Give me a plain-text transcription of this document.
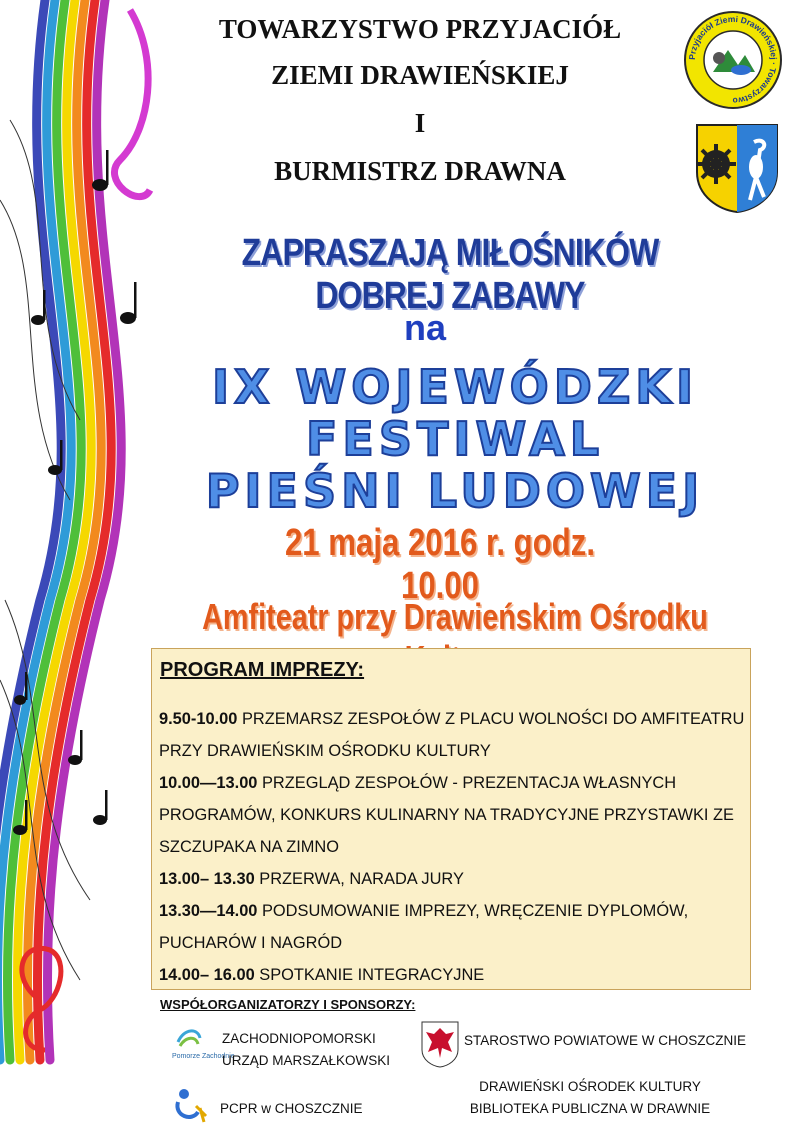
TOWARZYSTWO PRZYJACIÓŁ
ZIEMI DRAWIEŃSKIEJ
I
BURMISTRZ DRAWNA
Przyjaciół Ziemi Drawieńskiej · Towarzystwo
ZAPRASZAJĄ MIŁOŚNIKÓW DOBREJ ZABAWY
na
IX WOJEWÓDZKI
FESTIWAL
PIEŚNI LUDOWEJ
21 maja 2016 r. godz. 10.00
Amfiteatr przy Drawieńskim Ośrodku
PROGRAM IMPREZY:
9.50-10.00 PRZEMARSZ ZESPOŁÓW Z PLACU WOLNOŚCI DO AMFITEATRU PRZY DRAWIEŃSKIM OŚRODKU KULTURY
10.00—13.00 PRZEGLĄD ZESPOŁÓW - PREZENTACJA WŁASNYCH PROGRAMÓW, KONKURS KULINARNY NA TRADYCYJNE PRZYSTAWKI ZE SZCZUPAKA NA ZIMNO
13.00– 13.30 PRZERWA, NARADA JURY
13.30—14.00 PODSUMOWANIE IMPREZY, WRĘCZENIE DYPLOMÓW, PUCHARÓW I NAGRÓD
14.00– 16.00 SPOTKANIE INTEGRACYJNE
WSPÓŁORGANIZATORZY I SPONSORZY:
Pomorze Zachodnie
ZACHODNIOPOMORSKI
URZĄD MARSZAŁKOWSKI
STAROSTWO POWIATOWE W CHOSZCZNIE
DRAWIEŃSKI OŚRODEK KULTURY
BIBLIOTEKA PUBLICZNA W DRAWNIE
PCPR w CHOSZCZNIE
